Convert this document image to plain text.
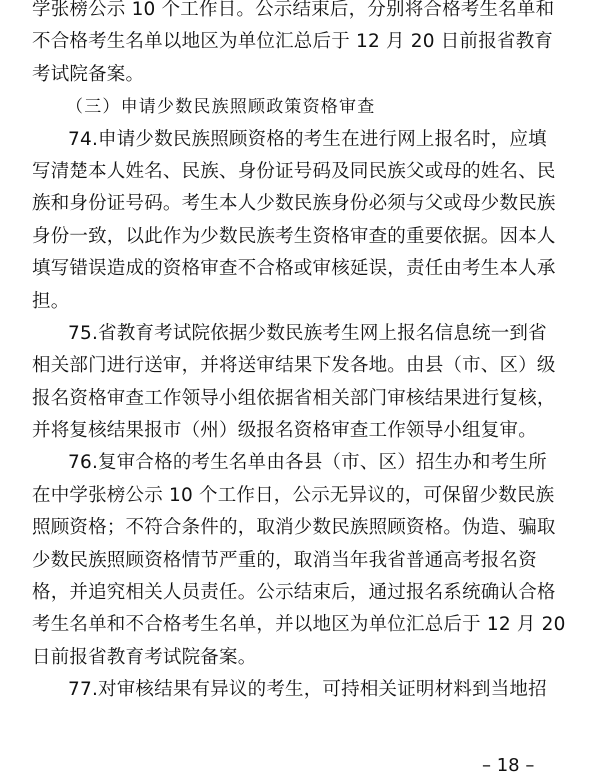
学张榜公示 10 个工作日。公示结束后，分别将合格考生名单和
不合格考生名单以地区为单位汇总后于 12 月 20 日前报省教育
考试院备案。
（三）申请少数民族照顾政策资格审查
74.申请少数民族照顾资格的考生在进行网上报名时，应填
写清楚本人姓名、民族、身份证号码及同民族父或母的姓名、民
族和身份证号码。考生本人少数民族身份必须与父或母少数民族
身份一致，以此作为少数民族考生资格审查的重要依据。因本人
填写错误造成的资格审查不合格或审核延误，责任由考生本人承
担。
75.省教育考试院依据少数民族考生网上报名信息统一到省
相关部门进行送审，并将送审结果下发各地。由县（市、区）级
报名资格审查工作领导小组依据省相关部门审核结果进行复核，
并将复核结果报市（州）级报名资格审查工作领导小组复审。
76.复审合格的考生名单由各县（市、区）招生办和考生所
在中学张榜公示 10 个工作日，公示无异议的，可保留少数民族
照顾资格；不符合条件的，取消少数民族照顾资格。伪造、骗取
少数民族照顾资格情节严重的，取消当年我省普通高考报名资
格，并追究相关人员责任。公示结束后，通过报名系统确认合格
考生名单和不合格考生名单，并以地区为单位汇总后于 12 月 20
日前报省教育考试院备案。
77.对审核结果有异议的考生，可持相关证明材料到当地招
– 18 –
